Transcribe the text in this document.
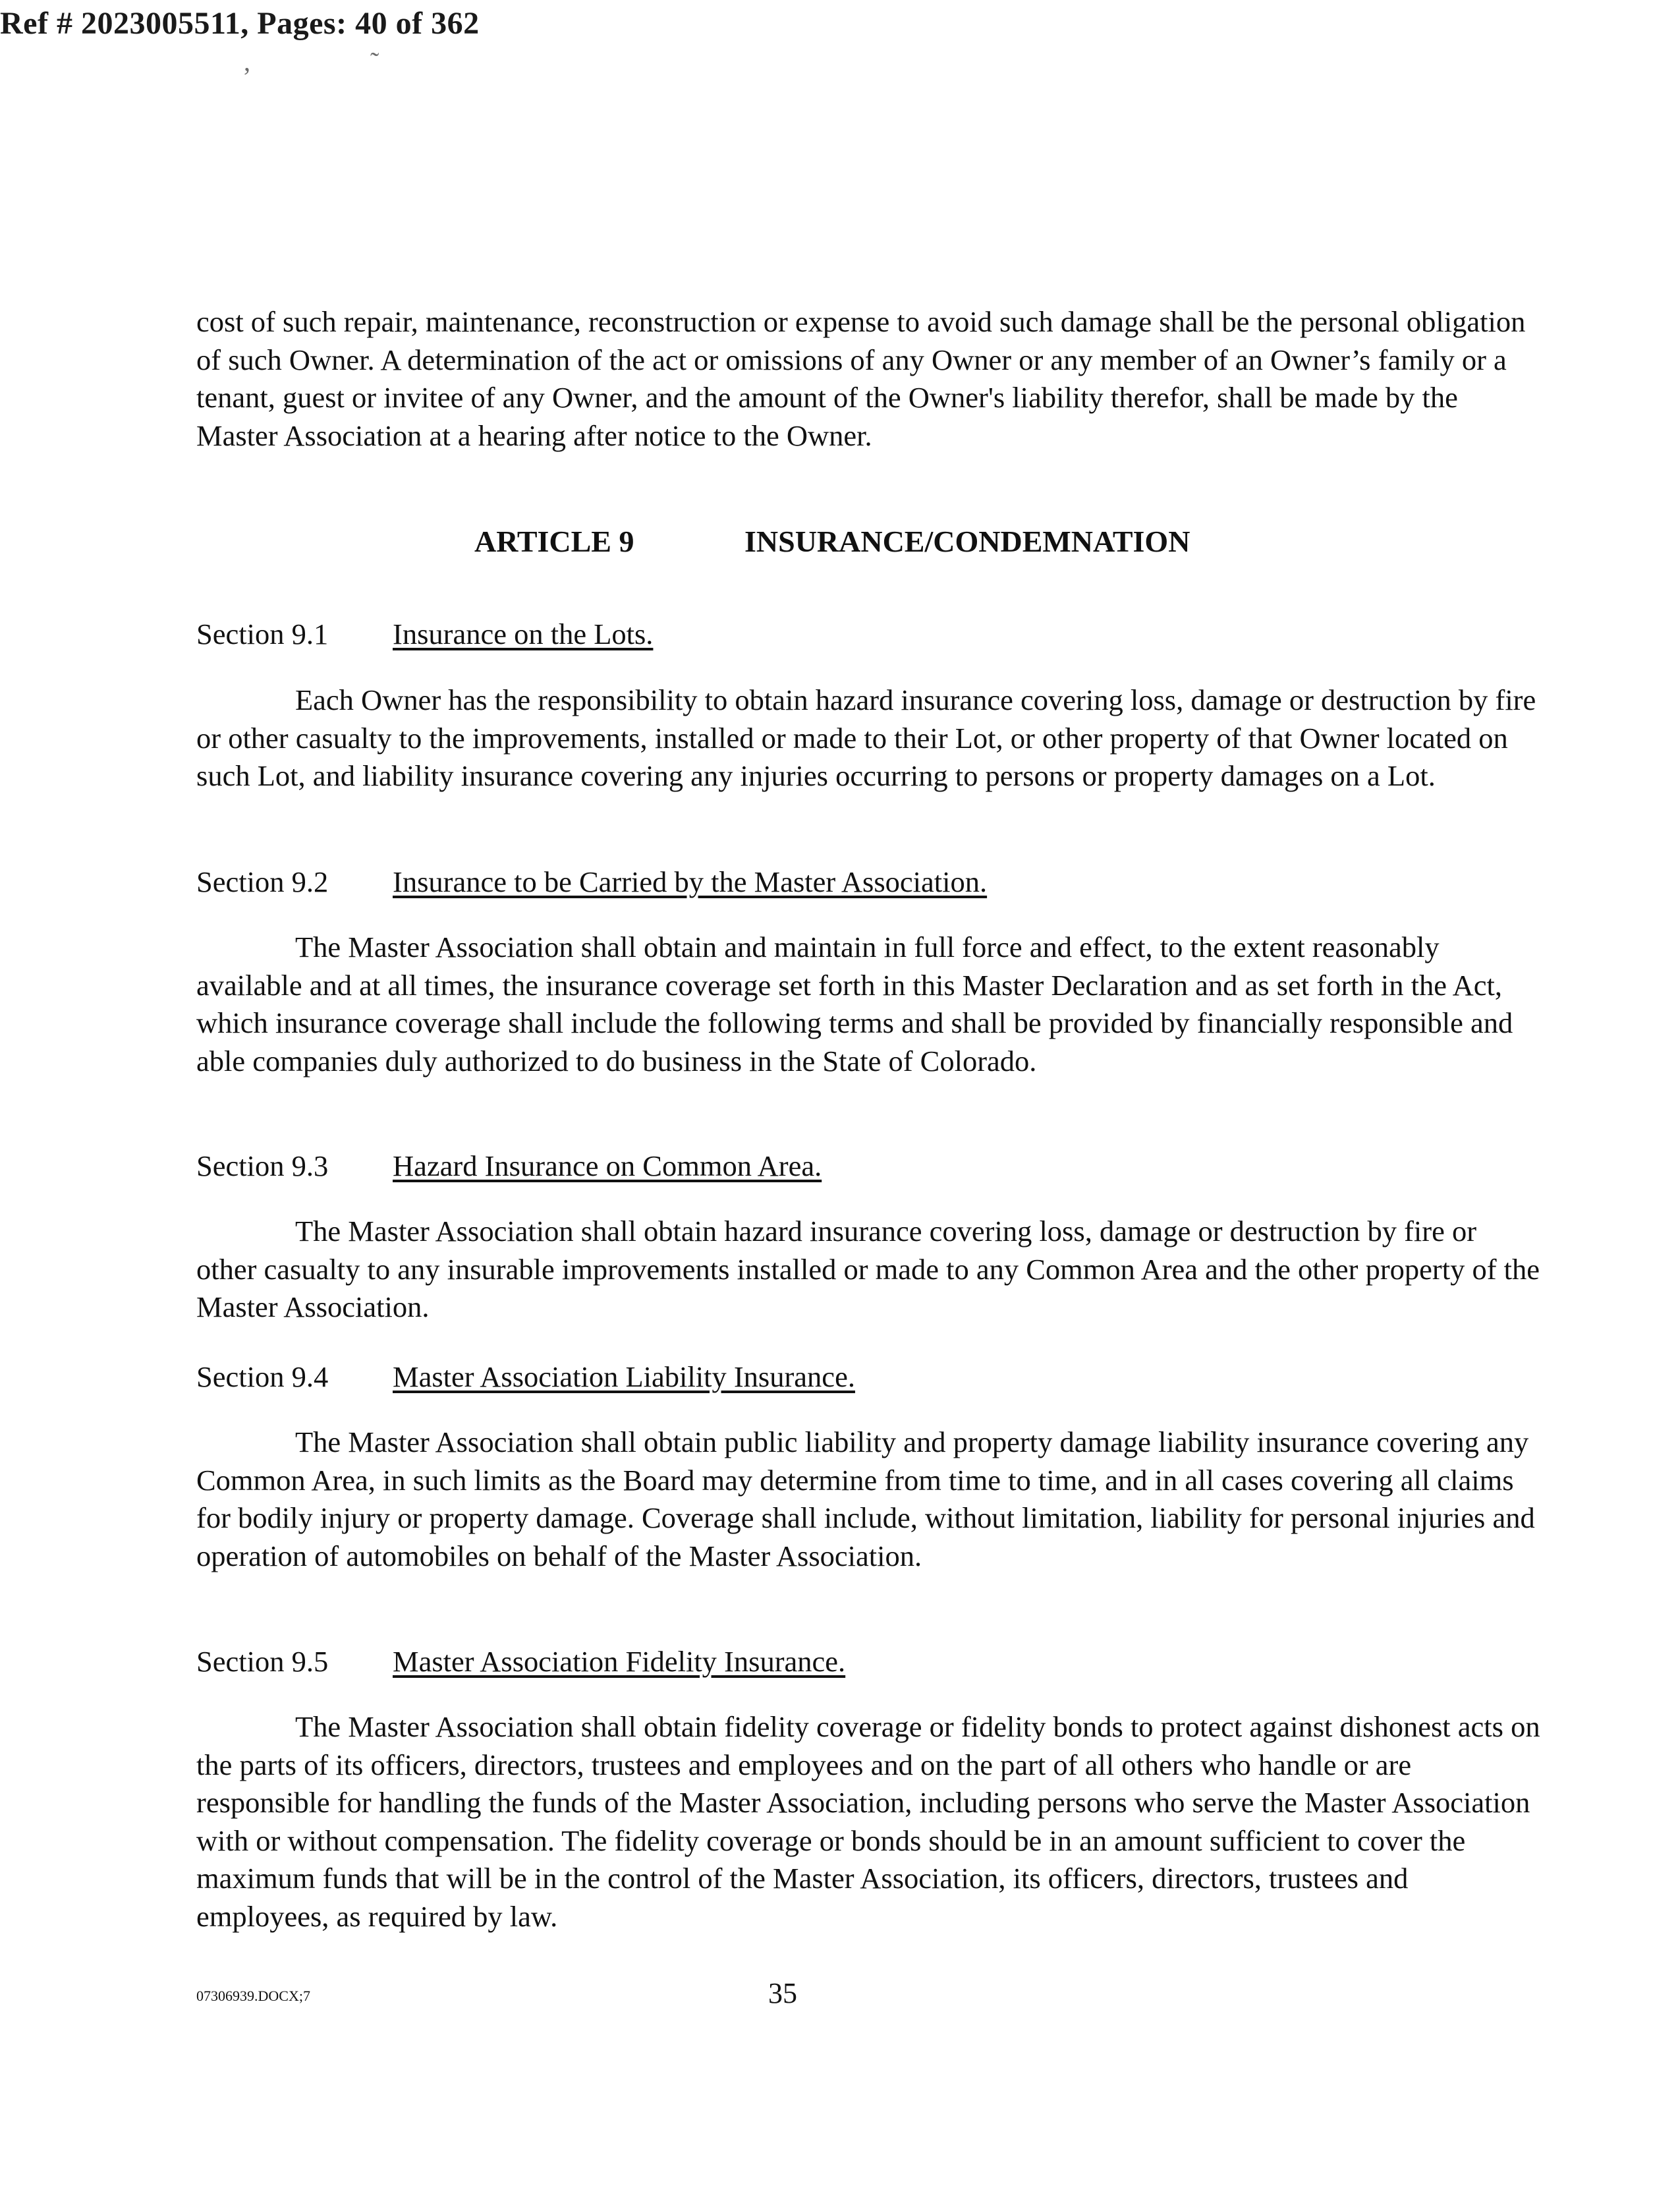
Ref # 2023005511, Pages: 40 of 362
, ˜

cost of such repair, maintenance, reconstruction or expense to avoid such damage shall be the personal obligation of such Owner. A determination of the act or omissions of any Owner or any member of an Owner’s family or a tenant, guest or invitee of any Owner, and the amount of the Owner's liability therefor, shall be made by the Master Association at a hearing after notice to the Owner.

ARTICLE 9	INSURANCE/CONDEMNATION
Section 9.1 Insurance on the Lots.

Each Owner has the responsibility to obtain hazard insurance covering loss, damage or destruction by fire or other casualty to the improvements, installed or made to their Lot, or other property of that Owner located on such Lot, and liability insurance covering any injuries occurring to persons or property damages on a Lot.

Section 9.2 Insurance to be Carried by the Master Association.

The Master Association shall obtain and maintain in full force and effect, to the extent reasonably available and at all times, the insurance coverage set forth in this Master Declaration and as set forth in the Act, which insurance coverage shall include the following terms and shall be provided by financially responsible and able companies duly authorized to do business in the State of Colorado.

Section 9.3 Hazard Insurance on Common Area.

The Master Association shall obtain hazard insurance covering loss, damage or destruction by fire or other casualty to any insurable improvements installed or made to any Common Area and the other property of the Master Association.

Section 9.4 Master Association Liability Insurance.

The Master Association shall obtain public liability and property damage liability insurance covering any Common Area, in such limits as the Board may determine from time to time, and in all cases covering all claims for bodily injury or property damage. Coverage shall include, without limitation, liability for personal injuries and operation of automobiles on behalf of the Master Association.

Section 9.5 Master Association Fidelity Insurance.

The Master Association shall obtain fidelity coverage or fidelity bonds to protect against dishonest acts on the parts of its officers, directors, trustees and employees and on the part of all others who handle or are responsible for handling the funds of the Master Association, including persons who serve the Master Association with or without compensation. The fidelity coverage or bonds should be in an amount sufficient to cover the maximum funds that will be in the control of the Master Association, its officers, directors, trustees and employees, as required by law.

07306939.DOCX;7	35
